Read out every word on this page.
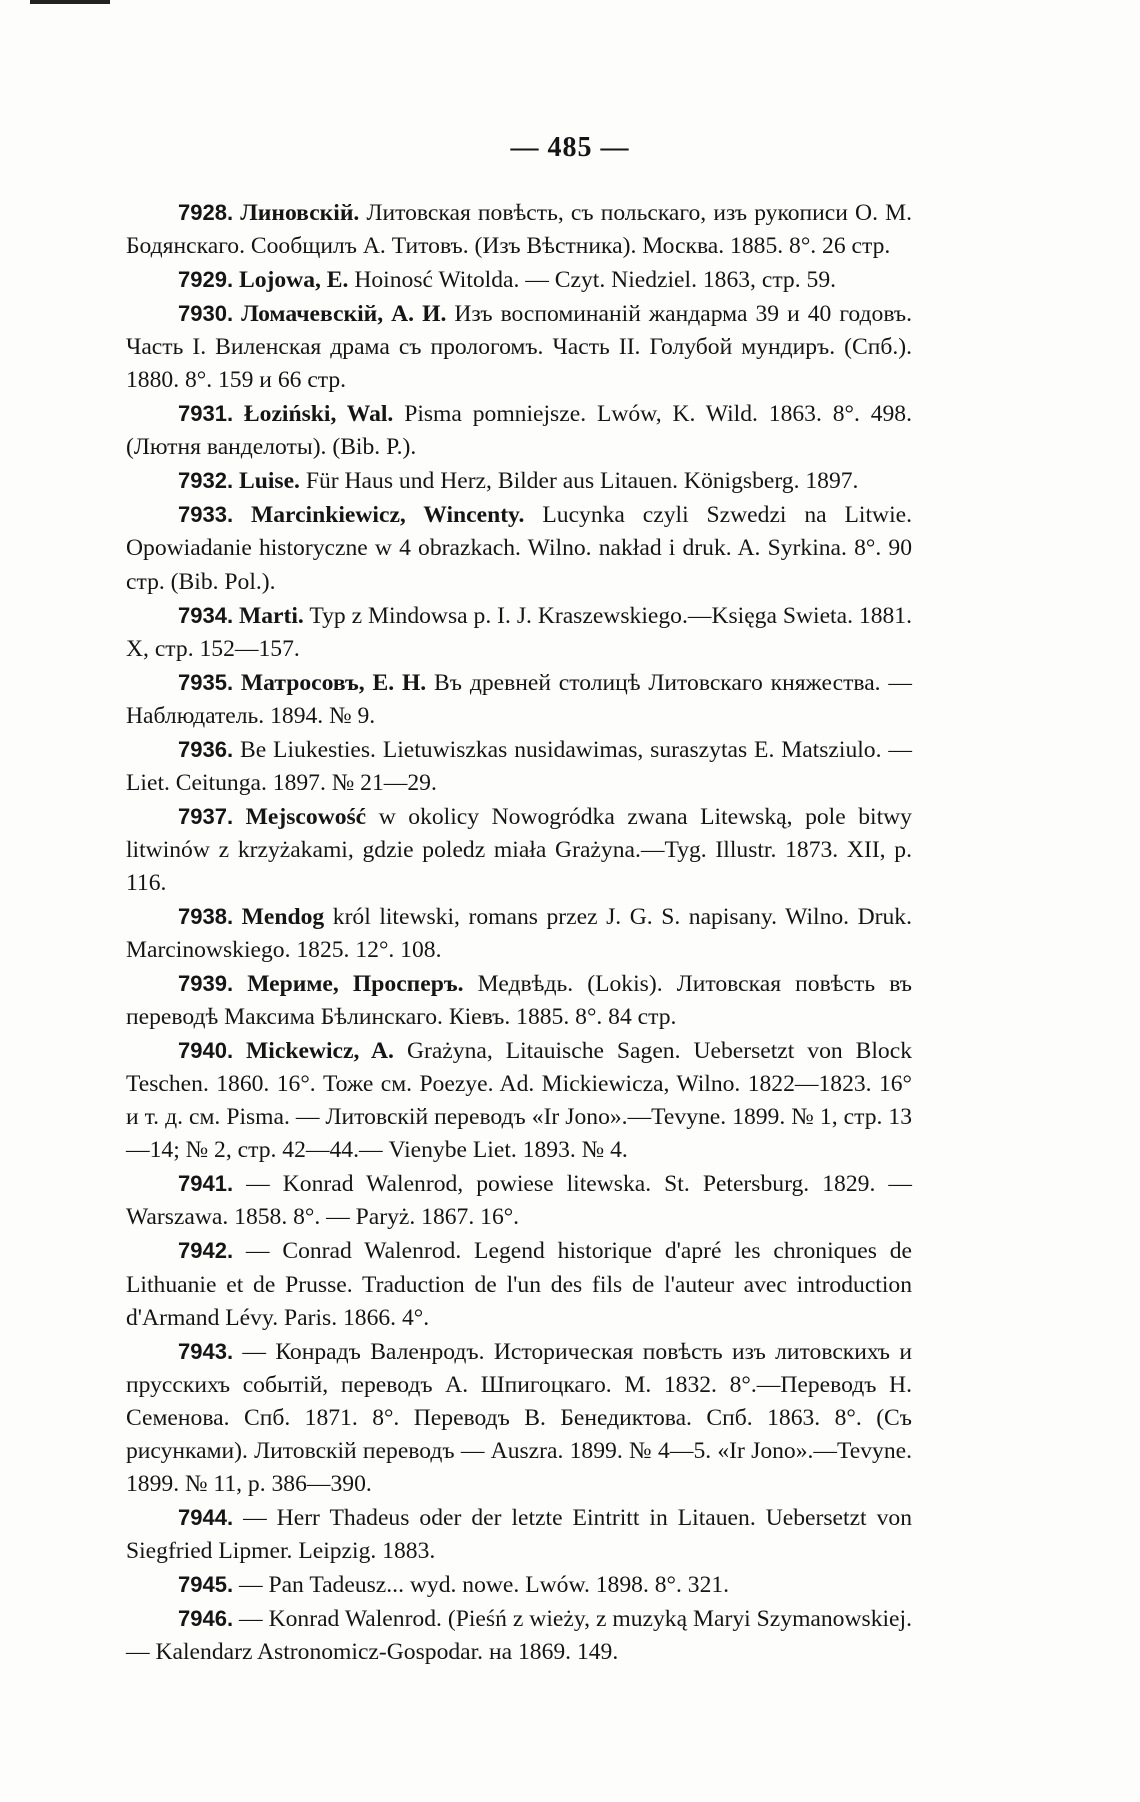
— 485 —

7928. Линовскій. Литовская повѣсть, съ польскаго, изъ рукописи О. М. Бодянскаго. Сообщилъ А. Титовъ. (Изъ Вѣстника). Москва. 1885. 8°. 26 стр.

7929. Lojowa, E. Hoinosć Witolda. — Czyt. Niedziel. 1863, стр. 59.

7930. Ломачевскій, А. И. Изъ воспоминаній жандарма 39 и 40 годовъ. Часть I. Виленская драма съ прологомъ. Часть II. Голубой мундиръ. (Спб.). 1880. 8°. 159 и 66 стр.

7931. Łoziński, Wal. Pisma pomniejsze. Lwów, K. Wild. 1863. 8°. 498. (Лютня вандeлоты). (Bib. P.).

7932. Luise. Für Haus und Herz, Bilder aus Litauen. Königsberg. 1897.

7933. Marcinkiewicz, Wincenty. Lucynka czyli Szwedzi na Litwie. Opowiadanie historyczne w 4 obrazkach. Wilno. nakład i druk. A. Syrkina. 8°. 90 стр. (Bib. Pol.).

7934. Marti. Typ z Mindowsa p. I. J. Kraszewskiego.—Księga Swieta. 1881. X, стр. 152—157.

7935. Матросовъ, Е. Н. Въ древней столицѣ Литовскаго княжества. — Наблюдатель. 1894. № 9.

7936. Be Liukesties. Lietuwiszkas nusidawimas, suraszytas E. Matsziulo. — Liet. Ceitunga. 1897. № 21—29.

7937. Mejscowość w okolicy Nowogródka zwana Litewską, pole bitwy litwinów z krzyżakami, gdzie poledz miała Grażyna.—Tyg. Illustr. 1873. XII, p. 116.

7938. Mendog król litewski, romans przez J. G. S. napisany. Wilno. Druk. Marcinowskiego. 1825. 12°. 108.

7939. Мериме, Проспeръ. Медвѣдь. (Lokis). Литовская повѣсть въ переводѣ Максима Бѣлинскаго. Кіевъ. 1885. 8°. 84 стр.

7940. Mickewicz, A. Grażyna, Litauische Sagen. Uebersetzt von Block Teschen. 1860. 16°. Тоже см. Poezye. Ad. Mickiewicza, Wilno. 1822—1823. 16° и т. д. см. Pisma. — Литовскій переводъ «Ir Jono».—Tevyne. 1899. № 1, стр. 13—14; № 2, стр. 42—44.— Vienybe Liet. 1893. № 4.

7941. — Konrad Walenrod, powiese litewska. St. Petersburg. 1829. — Warszawa. 1858. 8°. — Paryż. 1867. 16°.

7942. — Conrad Walenrod. Legend historique d'apré les chroniques de Lithuanie et de Prusse. Traduction de l'un des fils de l'auteur avec introduction d'Armand Lévy. Paris. 1866. 4°.

7943. — Конрадъ Валенродъ. Историческая повѣсть изъ литовскихъ и прусскихъ событій, переводъ А. Шпигоцкаго. М. 1832. 8°.—Переводъ Н. Семенова. Спб. 1871. 8°. Переводъ В. Бенедиктова. Спб. 1863. 8°. (Съ рисунками). Литовскій переводъ — Auszra. 1899. № 4—5. «Ir Jono».—Tevyne. 1899. № 11, p. 386—390.

7944. — Herr Thadeus oder der letzte Eintritt in Litauen. Uebersetzt von Siegfried Lipmer. Leipzig. 1883.

7945. — Pan Tadeusz... wyd. nowe. Lwów. 1898. 8°. 321.

7946. — Konrad Walenrod. (Pieśń z wieży, z muzyką Maryi Szymanowskiej. — Kalendarz Astronomicz-Gospodar. на 1869. 149.
